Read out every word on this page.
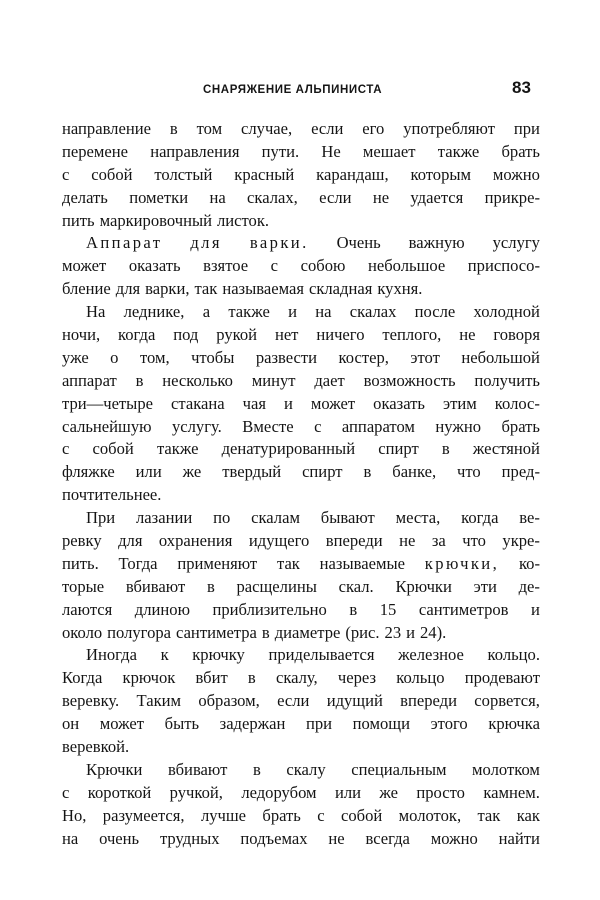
СНАРЯЖЕНИЕ АЛЬПИНИСТА	83
направление в том случае, если его употребляют при
перемене направления пути. Не мешает также брать
с собой толстый красный карандаш, которым можно
делать пометки на скалах, если не удается прикре-
пить маркировочный листок.
Аппарат для варки. Очень важную услугу
может оказать взятое с собою небольшое приспосо-
бление для варки, так называемая складная кухня.
На леднике, а также и на скалах после холодной
ночи, когда под рукой нет ничего теплого, не говоря
уже о том, чтобы развести костер, этот небольшой
аппарат в несколько минут дает возможность получить
три—четыре стакана чая и может оказать этим колос-
сальнейшую услугу. Вместе с аппаратом нужно брать
с собой также денатурированный спирт в жестяной
фляжке или же твердый спирт в банке, что пред-
почтительнее.
При лазании по скалам бывают места, когда ве-
ревку для охранения идущего впереди не за что укре-
пить. Тогда применяют так называемые крючки, ко-
торые вбивают в расщелины скал. Крючки эти де-
лаются длиною приблизительно в 15 сантиметров и
около полугора сантиметра в диаметре (рис. 23 и 24).
Иногда к крючку приделывается железное кольцо.
Когда крючок вбит в скалу, через кольцо продевают
веревку. Таким образом, если идущий впереди сорвется,
он может быть задержан при помощи этого крючка
веревкой.
Крючки вбивают в скалу специальным молотком
с короткой ручкой, ледорубом или же просто камнем.
Но, разумеется, лучше брать с собой молоток, так как
на очень трудных подъемах не всегда можно найти
